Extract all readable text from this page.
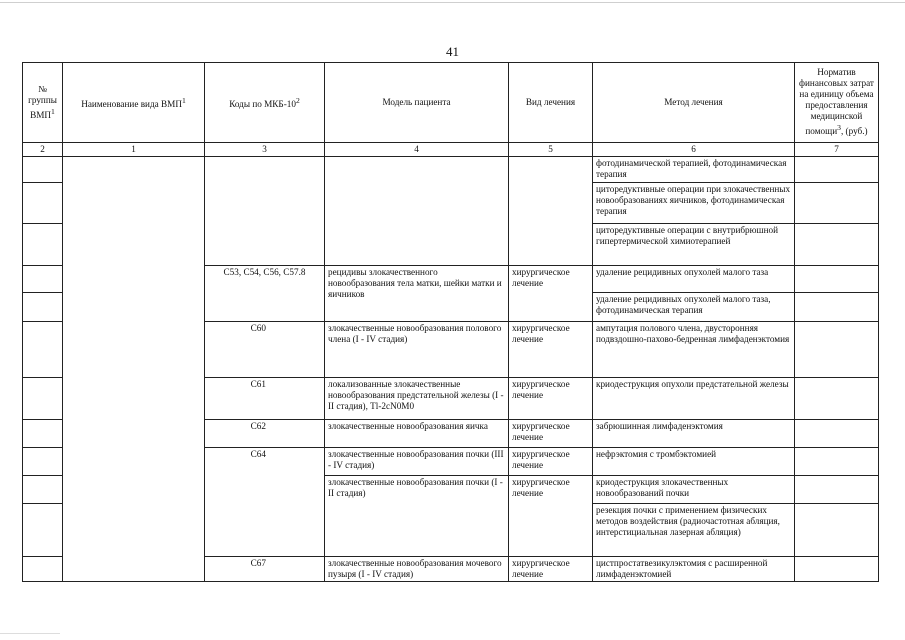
41
№ группы ВМП$^1$	Наименование вида ВМП$^1$	Коды по МКБ-$10^2$	Модель пациента	Вид лечения	Метод лечения	Норматив финансовых затрат на единицу объема предоставления медицинской помощи$^3$, (руб.)
2	1	3	4	5	6	7
					фотодинамической терапией, фотодинамическая терапия	
					циторедуктивные операции при злокачественных новообразованиях яичников, фотодинамическая терапия	
					циторедуктивные операции с внутрибрюшной гипертермической химиотерапией	
		C53, C54, C56, C57.8	рецидивы злокачественного новообразования тела матки, шейки матки и яичников	хирургическое лечение	удаление рецидивных опухолей малого таза	
					удаление рецидивных опухолей малого таза, фотодинамическая терапия	
		C60	злокачественные новообразования полового члена (I - IV стадия)	хирургическое лечение	ампутация полового члена, двусторонняя подвздошно-пахово-бедренная лимфаденэктомия	
		C61	локализованные злокачественные новообразования предстательной железы (I - II стадия), Tl-2cN0M0	хирургическое лечение	криодеструкция опухоли предстательной железы	
		C62	злокачественные новообразования яичка	хирургическое лечение	забрюшинная лимфаденэктомия	
		C64	злокачественные новообразования почки (III - IV стадия)	хирургическое лечение	нефрэктомия с тромбэктомией	
			злокачественные новообразования почки (I - II стадия)	хирургическое лечение	криодеструкция злокачественных новообразований почки	
					резекция почки с применением физических методов воздействия (радиочастотная абляция, интерстициальная лазерная абляция)	
		C67	злокачественные новообразования мочевого пузыря (I - IV стадия)	хирургическое лечение	цистпростатвезикулэктомия с расширенной лимфаденэктомией	
